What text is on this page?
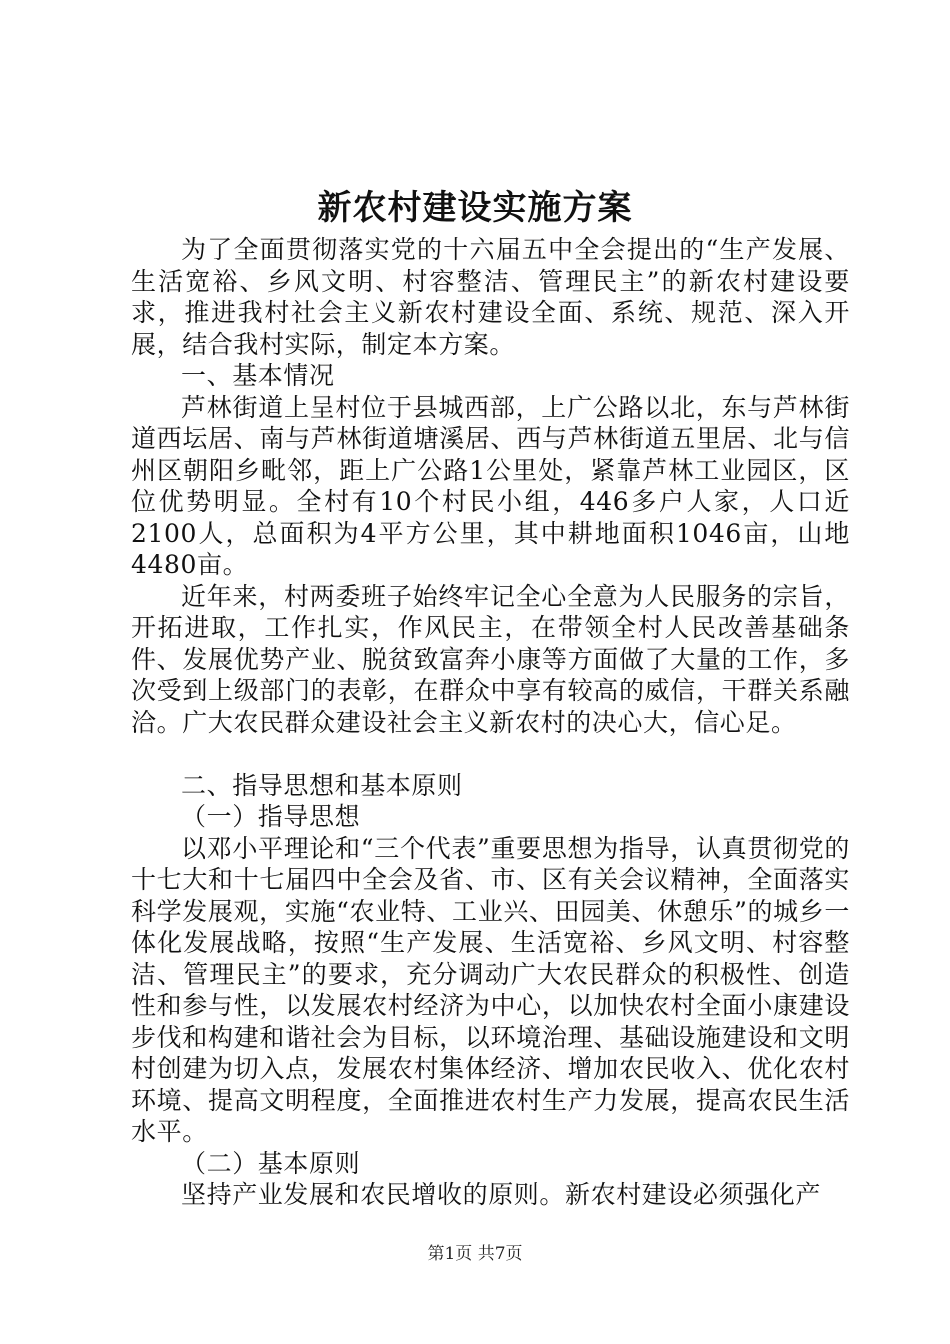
新农村建设实施方案

为了全面贯彻落实党的十六届五中全会提出的“生产发展、生活宽裕、乡风文明、村容整洁、管理民主”的新农村建设要求，推进我村社会主义新农村建设全面、系统、规范、深入开展，结合我村实际，制定本方案。

一、基本情况

芦林街道上呈村位于县城西部，上广公路以北，东与芦林街道西坛居、南与芦林街道塘溪居、西与芦林街道五里居、北与信州区朝阳乡毗邻，距上广公路1公里处，紧靠芦林工业园区，区位优势明显。全村有10个村民小组，446多户人家，人口近2100人，总面积为4平方公里，其中耕地面积1046亩，山地4480亩。

近年来，村两委班子始终牢记全心全意为人民服务的宗旨，开拓进取，工作扎实，作风民主，在带领全村人民改善基础条件、发展优势产业、脱贫致富奔小康等方面做了大量的工作，多次受到上级部门的表彰，在群众中享有较高的威信，干群关系融洽。广大农民群众建设社会主义新农村的决心大，信心足。

二、指导思想和基本原则

（一）指导思想

以邓小平理论和“三个代表”重要思想为指导，认真贯彻党的十七大和十七届四中全会及省、市、区有关会议精神，全面落实科学发展观，实施“农业特、工业兴、田园美、休憩乐”的城乡一体化发展战略，按照“生产发展、生活宽裕、乡风文明、村容整洁、管理民主”的要求，充分调动广大农民群众的积极性、创造性和参与性，以发展农村经济为中心，以加快农村全面小康建设步伐和构建和谐社会为目标，以环境治理、基础设施建设和文明村创建为切入点，发展农村集体经济、增加农民收入、优化农村环境、提高文明程度，全面推进农村生产力发展，提高农民生活水平。

（二）基本原则

坚持产业发展和农民增收的原则。新农村建设必须强化产

第1页 共7页
